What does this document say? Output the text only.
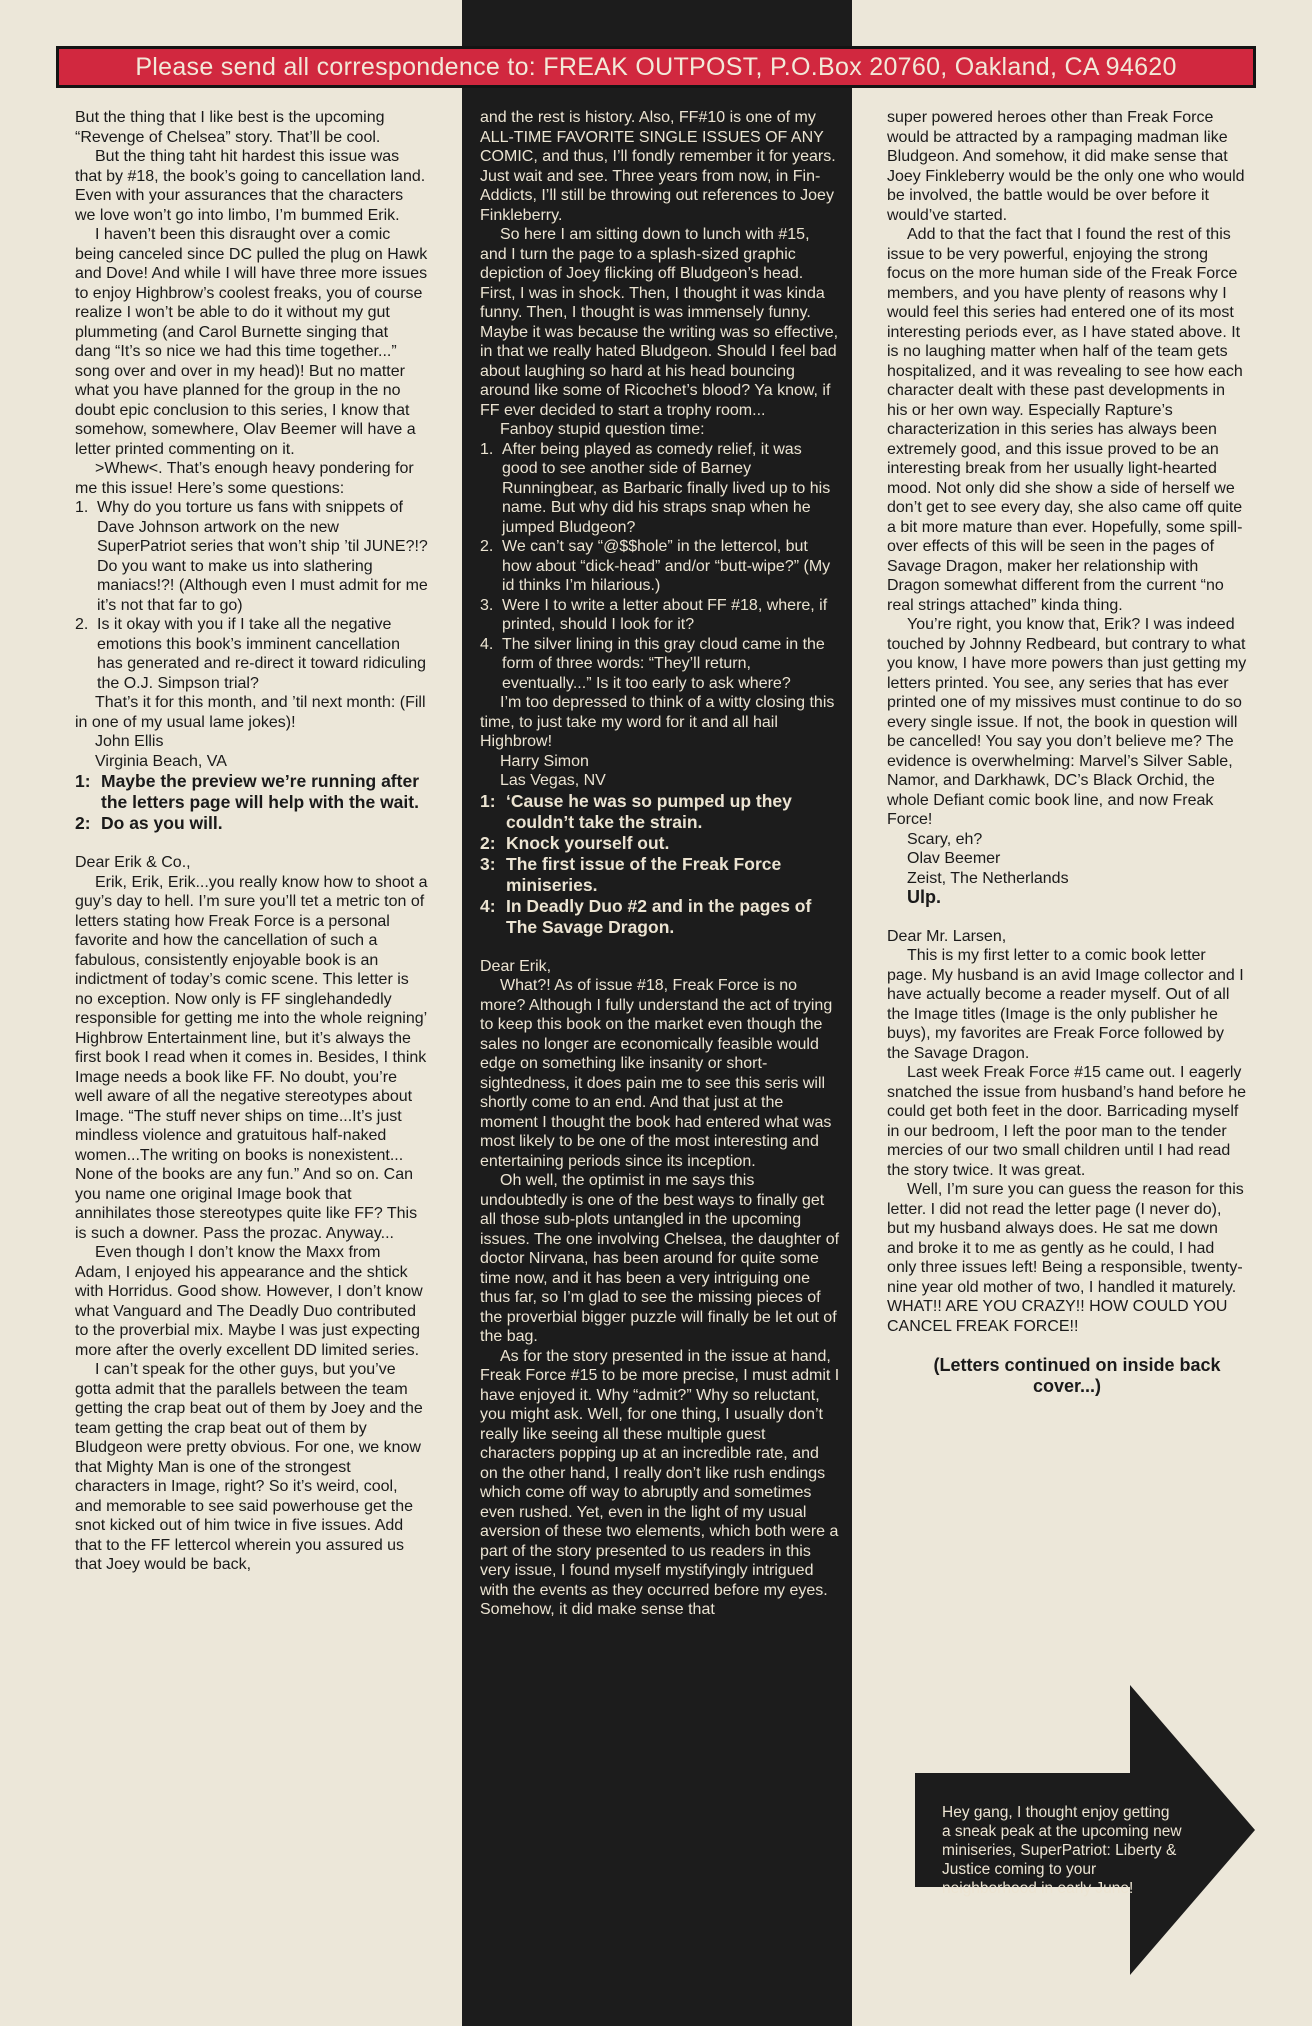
Please send all correspondence to: FREAK OUTPOST, P.O.Box 20760, Oakland, CA 94620

But the thing that I like best is the upcoming “Revenge of Chelsea” story. That’ll be cool.

But the thing taht hit hardest this issue was that by #18, the book’s going to cancellation land. Even with your assurances that the characters we love won’t go into limbo, I’m bummed Erik.

I haven’t been this disraught over a comic being canceled since DC pulled the plug on Hawk and Dove! And while I will have three more issues to enjoy Highbrow’s coolest freaks, you of course realize I won’t be able to do it without my gut plummeting (and Carol Burnette singing that dang “It’s so nice we had this time together...” song over and over in my head)! But no matter what you have planned for the group in the no doubt epic conclusion to this series, I know that somehow, somewhere, Olav Beemer will have a letter printed commenting on it.

>Whew<. That’s enough heavy pondering for me this issue! Here’s some questions:

1. Why do you torture us fans with snippets of Dave Johnson artwork on the new SuperPatriot series that won’t ship ’til JUNE?!? Do you want to make us into slathering maniacs!?! (Although even I must admit for me it’s not that far to go)
2. Is it okay with you if I take all the negative emotions this book’s imminent cancellation has generated and re-direct it toward ridiculing the O.J. Simpson trial?

That’s it for this month, and ’til next month: (Fill in one of my usual lame jokes)!

John Ellis

Virginia Beach, VA

1: Maybe the preview we’re running after the letters page will help with the wait.
2: Do as you will.

Dear Erik & Co.,

Erik, Erik, Erik...you really know how to shoot a guy’s day to hell. I’m sure you’ll tet a metric ton of letters stating how Freak Force is a personal favorite and how the cancellation of such a fabulous, consistently enjoyable book is an indictment of today’s comic scene. This letter is no exception. Now only is FF singlehandedly responsible for getting me into the whole reigning’ Highbrow Entertainment line, but it’s always the first book I read when it comes in. Besides, I think Image needs a book like FF. No doubt, you’re well aware of all the negative stereotypes about Image. “The stuff never ships on time...It’s just mindless violence and gratuitous half-naked women...The writing on books is nonexistent... None of the books are any fun.” And so on. Can you name one original Image book that annihilates those stereotypes quite like FF? This is such a downer. Pass the prozac. Anyway...

Even though I don’t know the Maxx from Adam, I enjoyed his appearance and the shtick with Horridus. Good show. However, I don’t know what Vanguard and The Deadly Duo contributed to the proverbial mix. Maybe I was just expecting more after the overly excellent DD limited series.

I can’t speak for the other guys, but you’ve gotta admit that the parallels between the team getting the crap beat out of them by Joey and the team getting the crap beat out of them by Bludgeon were pretty obvious. For one, we know that Mighty Man is one of the strongest characters in Image, right? So it’s weird, cool, and memorable to see said powerhouse get the snot kicked out of him twice in five issues. Add that to the FF lettercol wherein you assured us that Joey would be back,

and the rest is history. Also, FF#10 is one of my ALL-TIME FAVORITE SINGLE ISSUES OF ANY COMIC, and thus, I’ll fondly remember it for years. Just wait and see. Three years from now, in Fin-Addicts, I’ll still be throwing out references to Joey Finkleberry.

So here I am sitting down to lunch with #15, and I turn the page to a splash-sized graphic depiction of Joey flicking off Bludgeon’s head. First, I was in shock. Then, I thought it was kinda funny. Then, I thought is was immensely funny. Maybe it was because the writing was so effective, in that we really hated Bludgeon. Should I feel bad about laughing so hard at his head bouncing around like some of Ricochet’s blood? Ya know, if FF ever decided to start a trophy room...

Fanboy stupid question time:

1. After being played as comedy relief, it was good to see another side of Barney Runningbear, as Barbaric finally lived up to his name. But why did his straps snap when he jumped Bludgeon?
2. We can’t say “@$$hole” in the lettercol, but how about “dick-head” and/or “butt-wipe?” (My id thinks I’m hilarious.)
3. Were I to write a letter about FF #18, where, if printed, should I look for it?
4. The silver lining in this gray cloud came in the form of three words: “They’ll return, eventually...” Is it too early to ask where?

I’m too depressed to think of a witty closing this time, to just take my word for it and all hail Highbrow!

Harry Simon

Las Vegas, NV

1: ‘Cause he was so pumped up they couldn’t take the strain.
2: Knock yourself out.
3: The first issue of the Freak Force miniseries.
4: In Deadly Duo #2 and in the pages of The Savage Dragon.

Dear Erik,

What?! As of issue #18, Freak Force is no more? Although I fully understand the act of trying to keep this book on the market even though the sales no longer are economically feasible would edge on something like insanity or short-sightedness, it does pain me to see this seris will shortly come to an end. And that just at the moment I thought the book had entered what was most likely to be one of the most interesting and entertaining periods since its inception.

Oh well, the optimist in me says this undoubtedly is one of the best ways to finally get all those sub-plots untangled in the upcoming issues. The one involving Chelsea, the daughter of doctor Nirvana, has been around for quite some time now, and it has been a very intriguing one thus far, so I’m glad to see the missing pieces of the proverbial bigger puzzle will finally be let out of the bag.

As for the story presented in the issue at hand, Freak Force #15 to be more precise, I must admit I have enjoyed it. Why “admit?” Why so reluctant, you might ask. Well, for one thing, I usually don’t really like seeing all these multiple guest characters popping up at an incredible rate, and on the other hand, I really don’t like rush endings which come off way to abruptly and sometimes even rushed. Yet, even in the light of my usual aversion of these two elements, which both were a part of the story presented to us readers in this very issue, I found myself mystifyingly intrigued with the events as they occurred before my eyes. Somehow, it did make sense that

super powered heroes other than Freak Force would be attracted by a rampaging madman like Bludgeon. And somehow, it did make sense that Joey Finkleberry would be the only one who would be involved, the battle would be over before it would’ve started.

Add to that the fact that I found the rest of this issue to be very powerful, enjoying the strong focus on the more human side of the Freak Force members, and you have plenty of reasons why I would feel this series had entered one of its most interesting periods ever, as I have stated above. It is no laughing matter when half of the team gets hospitalized, and it was revealing to see how each character dealt with these past developments in his or her own way. Especially Rapture’s characterization in this series has always been extremely good, and this issue proved to be an interesting break from her usually light-hearted mood. Not only did she show a side of herself we don’t get to see every day, she also came off quite a bit more mature than ever. Hopefully, some spill-over effects of this will be seen in the pages of Savage Dragon, maker her relationship with Dragon somewhat different from the current “no real strings attached” kinda thing.

You’re right, you know that, Erik? I was indeed touched by Johnny Redbeard, but contrary to what you know, I have more powers than just getting my letters printed. You see, any series that has ever printed one of my missives must continue to do so every single issue. If not, the book in question will be cancelled! You say you don’t believe me? The evidence is overwhelming: Marvel’s Silver Sable, Namor, and Darkhawk, DC’s Black Orchid, the whole Defiant comic book line, and now Freak Force!

Scary, eh?

Olav Beemer

Zeist, The Netherlands

Ulp.

Dear Mr. Larsen,

This is my first letter to a comic book letter page. My husband is an avid Image collector and I have actually become a reader myself. Out of all the Image titles (Image is the only publisher he buys), my favorites are Freak Force followed by the Savage Dragon.

Last week Freak Force #15 came out. I eagerly snatched the issue from husband’s hand before he could get both feet in the door. Barricading myself in our bedroom, I left the poor man to the tender mercies of our two small children until I had read the story twice. It was great.

Well, I’m sure you can guess the reason for this letter. I did not read the letter page (I never do), but my husband always does. He sat me down and broke it to me as gently as he could, I had only three issues left! Being a responsible, twenty-nine year old mother of two, I handled it maturely. WHAT!! ARE YOU CRAZY!! HOW COULD YOU CANCEL FREAK FORCE!!

(Letters continued on inside back cover...)

Hey gang, I thought enjoy getting a sneak peak at the upcoming new miniseries, SuperPatriot: Liberty & Justice coming to your neighborhood in early June!
